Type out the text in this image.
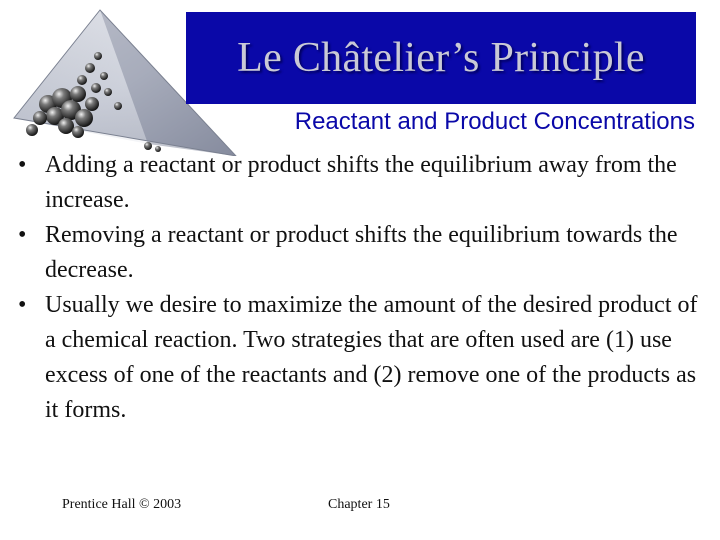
Le Châtelier’s Principle
Reactant and Product Concentrations
• Adding a reactant or product shifts the equilibrium away from the increase.
• Removing a reactant or product shifts the equilibrium towards the decrease.
• Usually we desire to maximize the amount of the desired product of a chemical reaction. Two strategies that are often used are (1) use excess of one of the reactants and (2) remove one of the products as it forms.
Prentice Hall © 2003	Chapter 15
